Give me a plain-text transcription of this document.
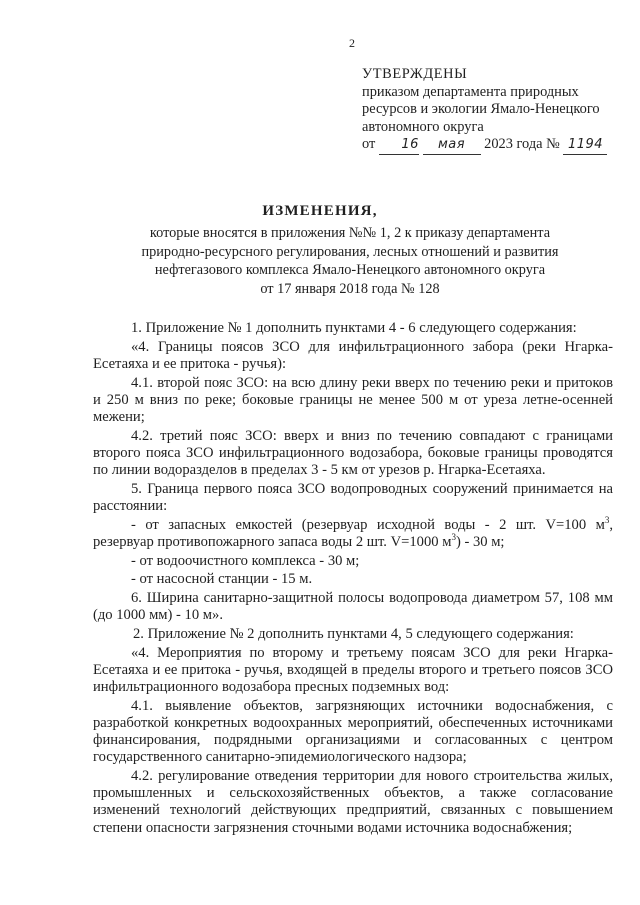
2
УТВЕРЖДЕНЫ
приказом департамента природных
ресурсов и экологии Ямало-Ненецкого
автономного округа
от 16 мая 2023 года № 1194
ИЗМЕНЕНИЯ,
которые вносятся в приложения №№ 1, 2 к приказу департамента
природно-ресурсного регулирования, лесных отношений и развития
нефтегазового комплекса Ямало-Ненецкого автономного округа
от 17 января 2018 года № 128

1. Приложение № 1 дополнить пунктами 4 - 6 следующего содержания:

«4. Границы поясов ЗСО для инфильтрационного забора (реки Нгарка-Есетаяха и ее притока - ручья):

4.1. второй пояс ЗСО: на всю длину реки вверх по течению реки и притоков и 250 м вниз по реке; боковые границы не менее 500 м от уреза летне-осенней межени;

4.2. третий пояс ЗСО: вверх и вниз по течению совпадают с границами второго пояса ЗСО инфильтрационного водозабора, боковые границы проводятся по линии водоразделов в пределах 3 - 5 км от урезов р. Нгарка-Есетаяха.

5. Граница первого пояса ЗСО водопроводных сооружений принимается на расстоянии:

- от запасных емкостей (резервуар исходной воды - 2 шт. V=100 $м^3$, резервуар противопожарного запаса воды 2 шт. V=1000 $м^3) - 30$ м;

- от водоочистного комплекса - 30 м;

- от насосной станции - 15 м.

6. Ширина санитарно-защитной полосы водопровода диаметром 57, 108 мм (до 1000 мм) - 10 м».

2. Приложение № 2 дополнить пунктами 4, 5 следующего содержания:

«4. Мероприятия по второму и третьему поясам ЗСО для реки Нгарка-Есетаяха и ее притока - ручья, входящей в пределы второго и третьего поясов ЗСО инфильтрационного водозабора пресных подземных вод:

4.1. выявление объектов, загрязняющих источники водоснабжения, с разработкой конкретных водоохранных мероприятий, обеспеченных источниками финансирования, подрядными организациями и согласованных с центром государственного санитарно-эпидемиологического надзора;

4.2. регулирование отведения территории для нового строительства жилых, промышленных и сельскохозяйственных объектов, а также согласование изменений технологий действующих предприятий, связанных с повышением степени опасности загрязнения сточными водами источника водоснабжения;
